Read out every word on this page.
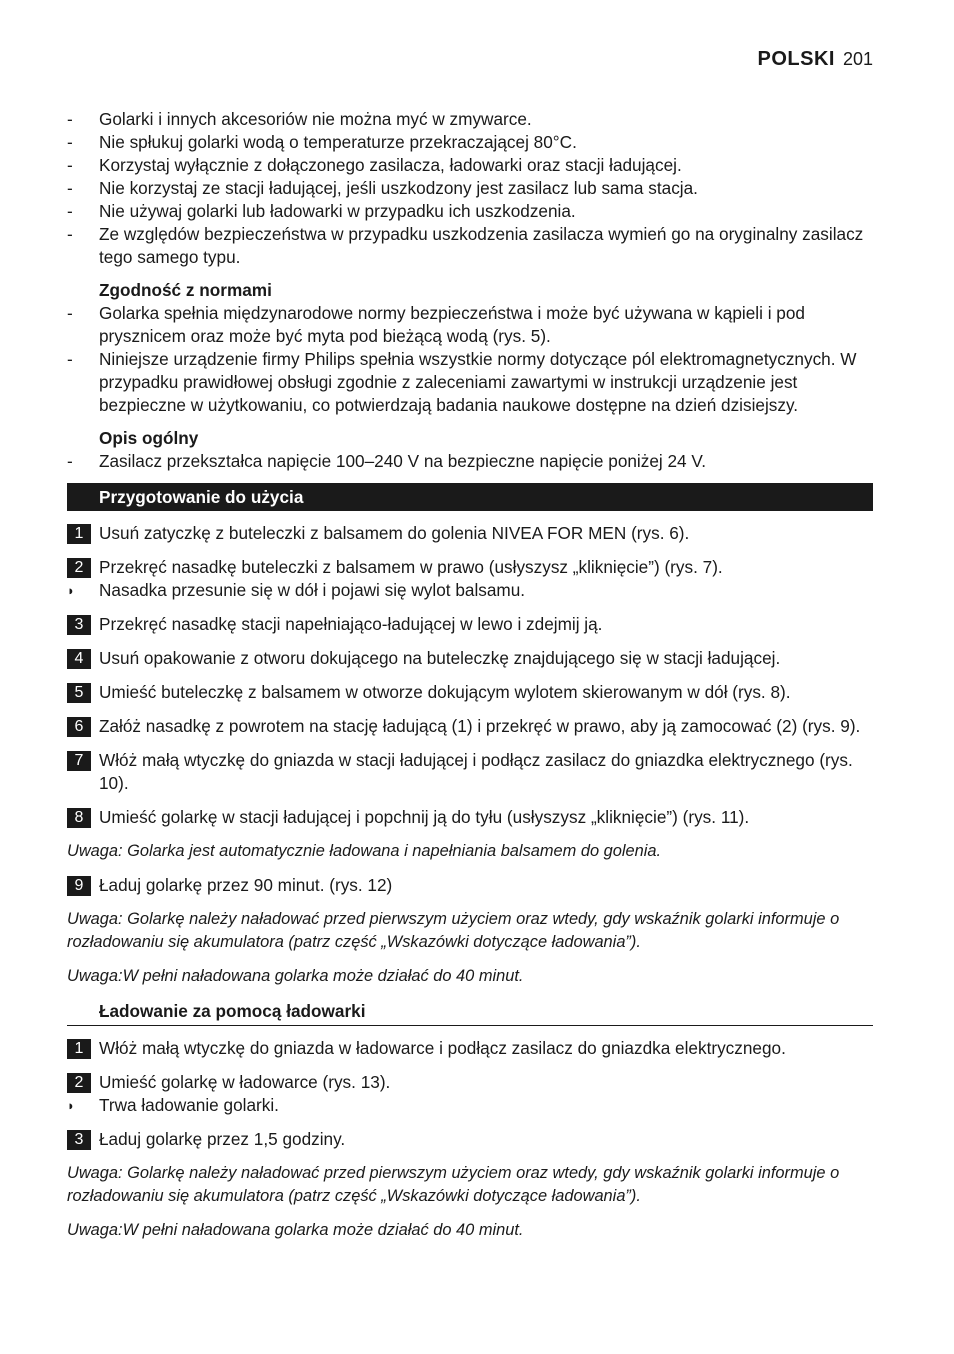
POLSKI 201
- Golarki i innych akcesoriów nie można myć w zmywarce.
- Nie spłukuj golarki wodą o temperaturze przekraczającej 80°C.
- Korzystaj wyłącznie z dołączonego zasilacza, ładowarki oraz stacji ładującej.
- Nie korzystaj ze stacji ładującej, jeśli uszkodzony jest zasilacz lub sama stacja.
- Nie używaj golarki lub ładowarki w przypadku ich uszkodzenia.
- Ze względów bezpieczeństwa w przypadku uszkodzenia zasilacza wymień go na oryginalny zasilacz tego samego typu.
Zgodność z normami
- Golarka spełnia międzynarodowe normy bezpieczeństwa i może być używana w kąpieli i pod prysznicem oraz może być myta pod bieżącą wodą (rys. 5).
- Niniejsze urządzenie firmy Philips spełnia wszystkie normy dotyczące pól elektromagnetycznych. W przypadku prawidłowej obsługi zgodnie z zaleceniami zawartymi w instrukcji urządzenie jest bezpieczne w użytkowaniu, co potwierdzają badania naukowe dostępne na dzień dzisiejszy.
Opis ogólny
- Zasilacz przekształca napięcie 100–240 V na bezpieczne napięcie poniżej 24 V.
Przygotowanie do użycia
1 Usuń zatyczkę z buteleczki z balsamem do golenia NIVEA FOR MEN (rys. 6).
2 Przekręć nasadkę buteleczki z balsamem w prawo (usłyszysz „kliknięcie”) (rys. 7).
◗ Nasadka przesunie się w dół i pojawi się wylot balsamu.
3 Przekręć nasadkę stacji napełniająco-ładującej w lewo i zdejmij ją.
4 Usuń opakowanie z otworu dokującego na buteleczkę znajdującego się w stacji ładującej.
5 Umieść buteleczkę z balsamem w otworze dokującym wylotem skierowanym w dół (rys. 8).
6 Załóż nasadkę z powrotem na stację ładującą (1) i przekręć w prawo, aby ją zamocować (2) (rys. 9).
7 Włóż małą wtyczkę do gniazda w stacji ładującej i podłącz zasilacz do gniazdka elektrycznego (rys. 10).
8 Umieść golarkę w stacji ładującej i popchnij ją do tyłu (usłyszysz „kliknięcie”) (rys. 11).
Uwaga: Golarka jest automatycznie ładowana i napełniania balsamem do golenia.
9 Ładuj golarkę przez 90 minut. (rys. 12)
Uwaga: Golarkę należy naładować przed pierwszym użyciem oraz wtedy, gdy wskaźnik golarki informuje o rozładowaniu się akumulatora (patrz część „Wskazówki dotyczące ładowania”).
Uwaga:W pełni naładowana golarka może działać do 40 minut.
Ładowanie za pomocą ładowarki
1 Włóż małą wtyczkę do gniazda w ładowarce i podłącz zasilacz do gniazdka elektrycznego.
2 Umieść golarkę w ładowarce (rys. 13).
◗ Trwa ładowanie golarki.
3 Ładuj golarkę przez 1,5 godziny.
Uwaga: Golarkę należy naładować przed pierwszym użyciem oraz wtedy, gdy wskaźnik golarki informuje o rozładowaniu się akumulatora (patrz część „Wskazówki dotyczące ładowania”).
Uwaga:W pełni naładowana golarka może działać do 40 minut.
